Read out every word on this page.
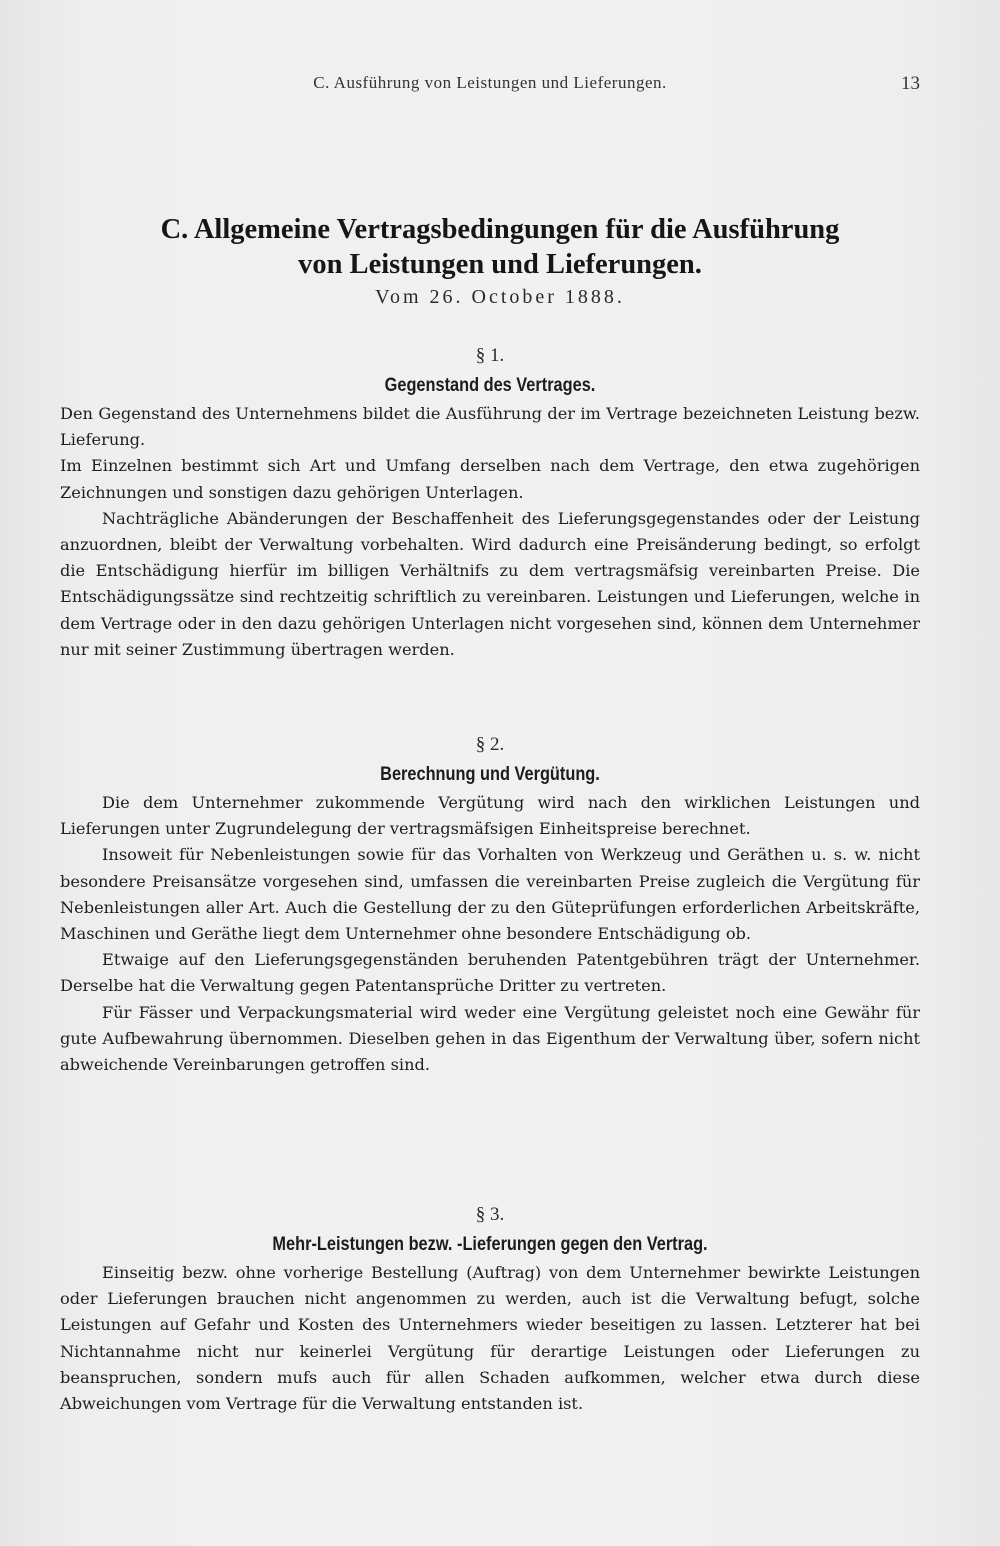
C. Ausführung von Leistungen und Lieferungen.	13
C. Allgemeine Vertragsbedingungen für die Ausführung
von Leistungen und Lieferungen.
Vom 26. October 1888.
§ 1.
Gegenstand des Vertrages.

Den Gegenstand des Unternehmens bildet die Ausführung der im Vertrage bezeichneten Leistung bezw. Lieferung.

Im Einzelnen bestimmt sich Art und Umfang derselben nach dem Vertrage, den etwa zugehörigen Zeichnungen und sonstigen dazu gehörigen Unterlagen.

Nachträgliche Abänderungen der Beschaffenheit des Lieferungsgegenstandes oder der Leistung anzuordnen, bleibt der Verwaltung vorbehalten. Wird dadurch eine Preisänderung bedingt, so erfolgt die Entschädigung hierfür im billigen Verhältnifs zu dem vertragsmäfsig vereinbarten Preise. Die Entschädigungssätze sind rechtzeitig schriftlich zu vereinbaren. Leistungen und Lieferungen, welche in dem Vertrage oder in den dazu gehörigen Unterlagen nicht vorgesehen sind, können dem Unternehmer nur mit seiner Zustimmung übertragen werden.

§ 2.
Berechnung und Vergütung.

Die dem Unternehmer zukommende Vergütung wird nach den wirklichen Leistungen und Lieferungen unter Zugrundelegung der vertragsmäfsigen Einheitspreise berechnet.

Insoweit für Nebenleistungen sowie für das Vorhalten von Werkzeug und Geräthen u. s. w. nicht besondere Preisansätze vorgesehen sind, umfassen die vereinbarten Preise zugleich die Vergütung für Nebenleistungen aller Art. Auch die Gestellung der zu den Güteprüfungen erforderlichen Arbeitskräfte, Maschinen und Geräthe liegt dem Unternehmer ohne besondere Entschädigung ob.

Etwaige auf den Lieferungsgegenständen beruhenden Patentgebühren trägt der Unternehmer. Derselbe hat die Verwaltung gegen Patentansprüche Dritter zu vertreten.

Für Fässer und Verpackungsmaterial wird weder eine Vergütung geleistet noch eine Gewähr für gute Aufbewahrung übernommen. Dieselben gehen in das Eigenthum der Verwaltung über, sofern nicht abweichende Vereinbarungen getroffen sind.

§ 3.
Mehr-Leistungen bezw. -Lieferungen gegen den Vertrag.

Einseitig bezw. ohne vorherige Bestellung (Auftrag) von dem Unternehmer bewirkte Leistungen oder Lieferungen brauchen nicht angenommen zu werden, auch ist die Verwaltung befugt, solche Leistungen auf Gefahr und Kosten des Unternehmers wieder beseitigen zu lassen. Letzterer hat bei Nichtannahme nicht nur keinerlei Vergütung für derartige Leistungen oder Lieferungen zu beanspruchen, sondern mufs auch für allen Schaden aufkommen, welcher etwa durch diese Abweichungen vom Vertrage für die Verwaltung entstanden ist.
